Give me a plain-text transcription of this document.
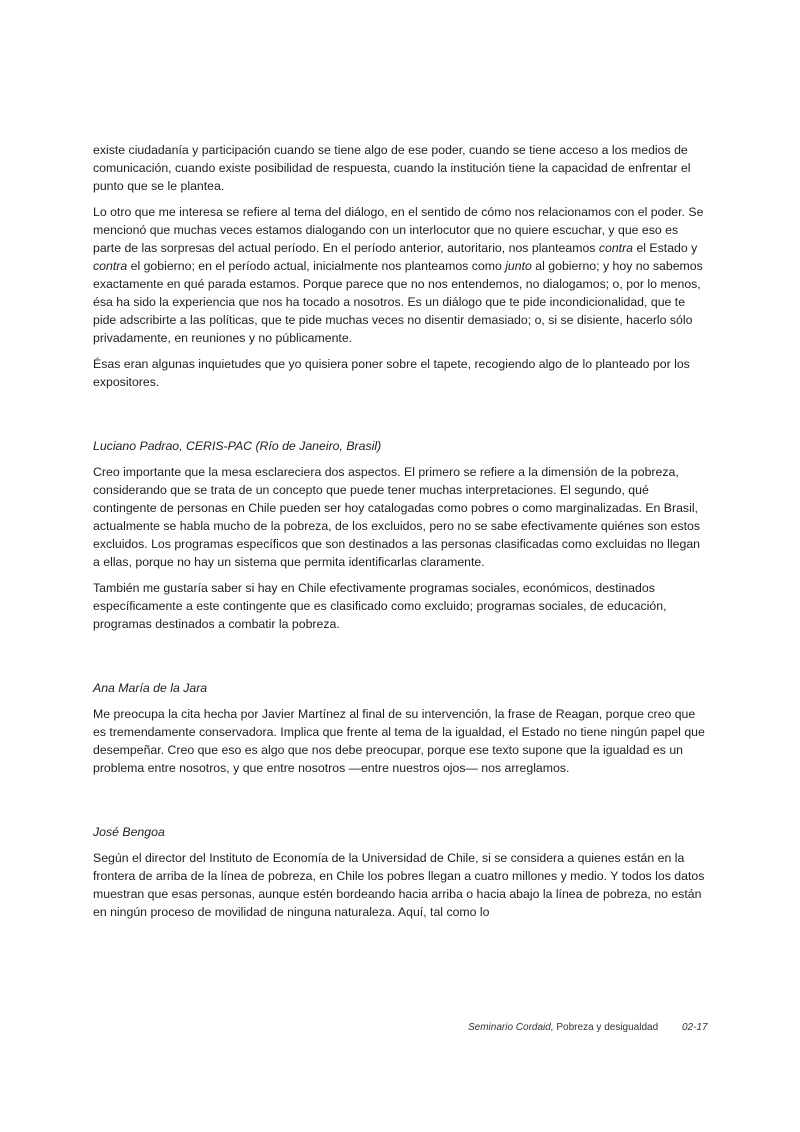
existe ciudadanía y participación cuando se tiene algo de ese poder, cuando se tiene acceso a los medios de comunicación, cuando existe posibilidad de respuesta, cuando la institución tiene la capacidad de enfrentar el punto que se le plantea.

Lo otro que me interesa se refiere al tema del diálogo, en el sentido de cómo nos relacionamos con el poder. Se mencionó que muchas veces estamos dialogando con un interlocutor que no quiere escuchar, y que eso es parte de las sorpresas del actual período. En el período anterior, autoritario, nos planteamos contra el Estado y contra el gobierno; en el período actual, inicialmente nos planteamos como junto al gobierno; y hoy no sabemos exactamente en qué parada estamos. Porque parece que no nos entendemos, no dialogamos; o, por lo menos, ésa ha sido la experiencia que nos ha tocado a nosotros. Es un diálogo que te pide incondicionalidad, que te pide adscribirte a las políticas, que te pide muchas veces no disentir demasiado; o, si se disiente, hacerlo sólo privadamente, en reuniones y no públicamente.

Ésas eran algunas inquietudes que yo quisiera poner sobre el tapete, recogiendo algo de lo planteado por los expositores.

Luciano Padrao, CERIS-PAC (Río de Janeiro, Brasil)

Creo importante que la mesa esclareciera dos aspectos. El primero se refiere a la dimensión de la pobreza, considerando que se trata de un concepto que puede tener muchas interpretaciones. El segundo, qué contingente de personas en Chile pueden ser hoy catalogadas como pobres o como marginalizadas. En Brasil, actualmente se habla mucho de la pobreza, de los excluidos, pero no se sabe efectivamente quiénes son estos excluidos. Los programas específicos que son destinados a las personas clasificadas como excluidas no llegan a ellas, porque no hay un sistema que permita identificarlas claramente.

También me gustaría saber si hay en Chile efectivamente programas sociales, económicos, destinados específicamente a este contingente que es clasificado como excluido; programas sociales, de educación, programas destinados a combatir la pobreza.

Ana María de la Jara

Me preocupa la cita hecha por Javier Martínez al final de su intervención, la frase de Reagan, porque creo que es tremendamente conservadora. Implica que frente al tema de la igualdad, el Estado no tiene ningún papel que desempeñar. Creo que eso es algo que nos debe preocupar, porque ese texto supone que la igualdad es un problema entre nosotros, y que entre nosotros —entre nuestros ojos— nos arreglamos.

José Bengoa

Según el director del Instituto de Economía de la Universidad de Chile, si se considera a quienes están en la frontera de arriba de la línea de pobreza, en Chile los pobres llegan a cuatro millones y medio. Y todos los datos muestran que esas personas, aunque estén bordeando hacia arriba o hacia abajo la línea de pobreza, no están en ningún proceso de movilidad de ninguna naturaleza. Aquí, tal como lo

Seminario Cordaid, Pobreza y desigualdad 02-17
